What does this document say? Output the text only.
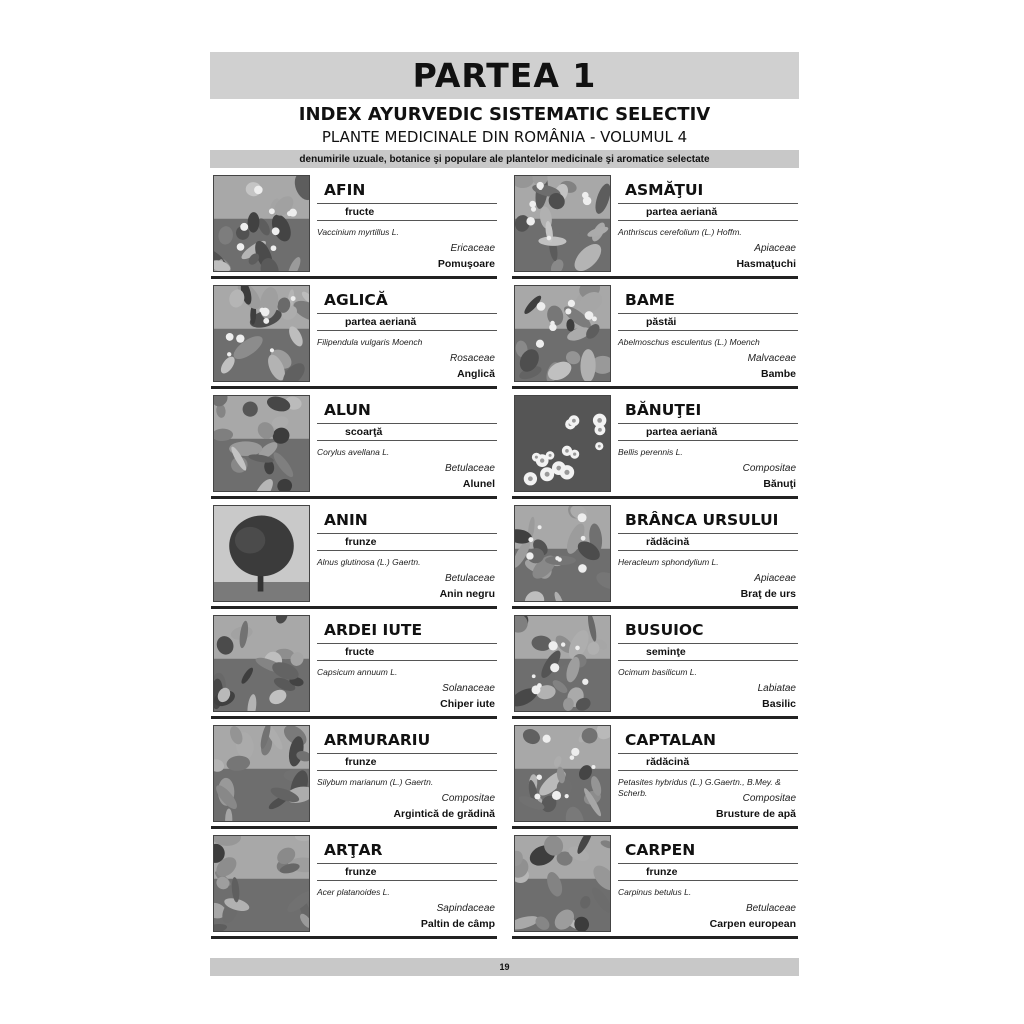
PARTEA 1
INDEX AYURVEDIC SISTEMATIC SELECTIV
PLANTE MEDICINALE DIN ROMÂNIA - VOLUMUL 4
denumirile uzuale, botanice şi populare ale plantelor medicinale şi aromatice selectate
AFIN
fructe
Vaccinium myrtillus L.
Ericaceae
Pomuşoare
AGLICĂ
partea aeriană
Filipendula vulgaris Moench
Rosaceae
Anglică
ALUN
scoarţă
Corylus avellana L.
Betulaceae
Alunel
ANIN
frunze
Alnus glutinosa (L.) Gaertn.
Betulaceae
Anin negru
ARDEI IUTE
fructe
Capsicum annuum L.
Solanaceae
Chiper iute
ARMURARIU
frunze
Silybum marianum (L.) Gaertn.
Compositae
Argintică de grădină
ARŢAR
frunze
Acer platanoides L.
Sapindaceae
Paltin de câmp
ASMĂŢUI
partea aeriană
Anthriscus cerefolium (L.) Hoffm.
Apiaceae
Hasmaţuchi
BAME
păstăi
Abelmoschus esculentus (L.) Moench
Malvaceae
Bambe
BĂNUŢEI
partea aeriană
Bellis perennis L.
Compositae
Bănuţi
BRÂNCA URSULUI
rădăcină
Heracleum sphondylium L.
Apiaceae
Braţ de urs
BUSUIOC
seminţe
Ocimum basilicum L.
Labiatae
Basilic
CAPTALAN
rădăcină
Petasites hybridus (L.) G.Gaertn., B.Mey. & Scherb.	Compositae
Brusture de apă
CARPEN
frunze
Carpinus betulus L.
Betulaceae
Carpen european
19
